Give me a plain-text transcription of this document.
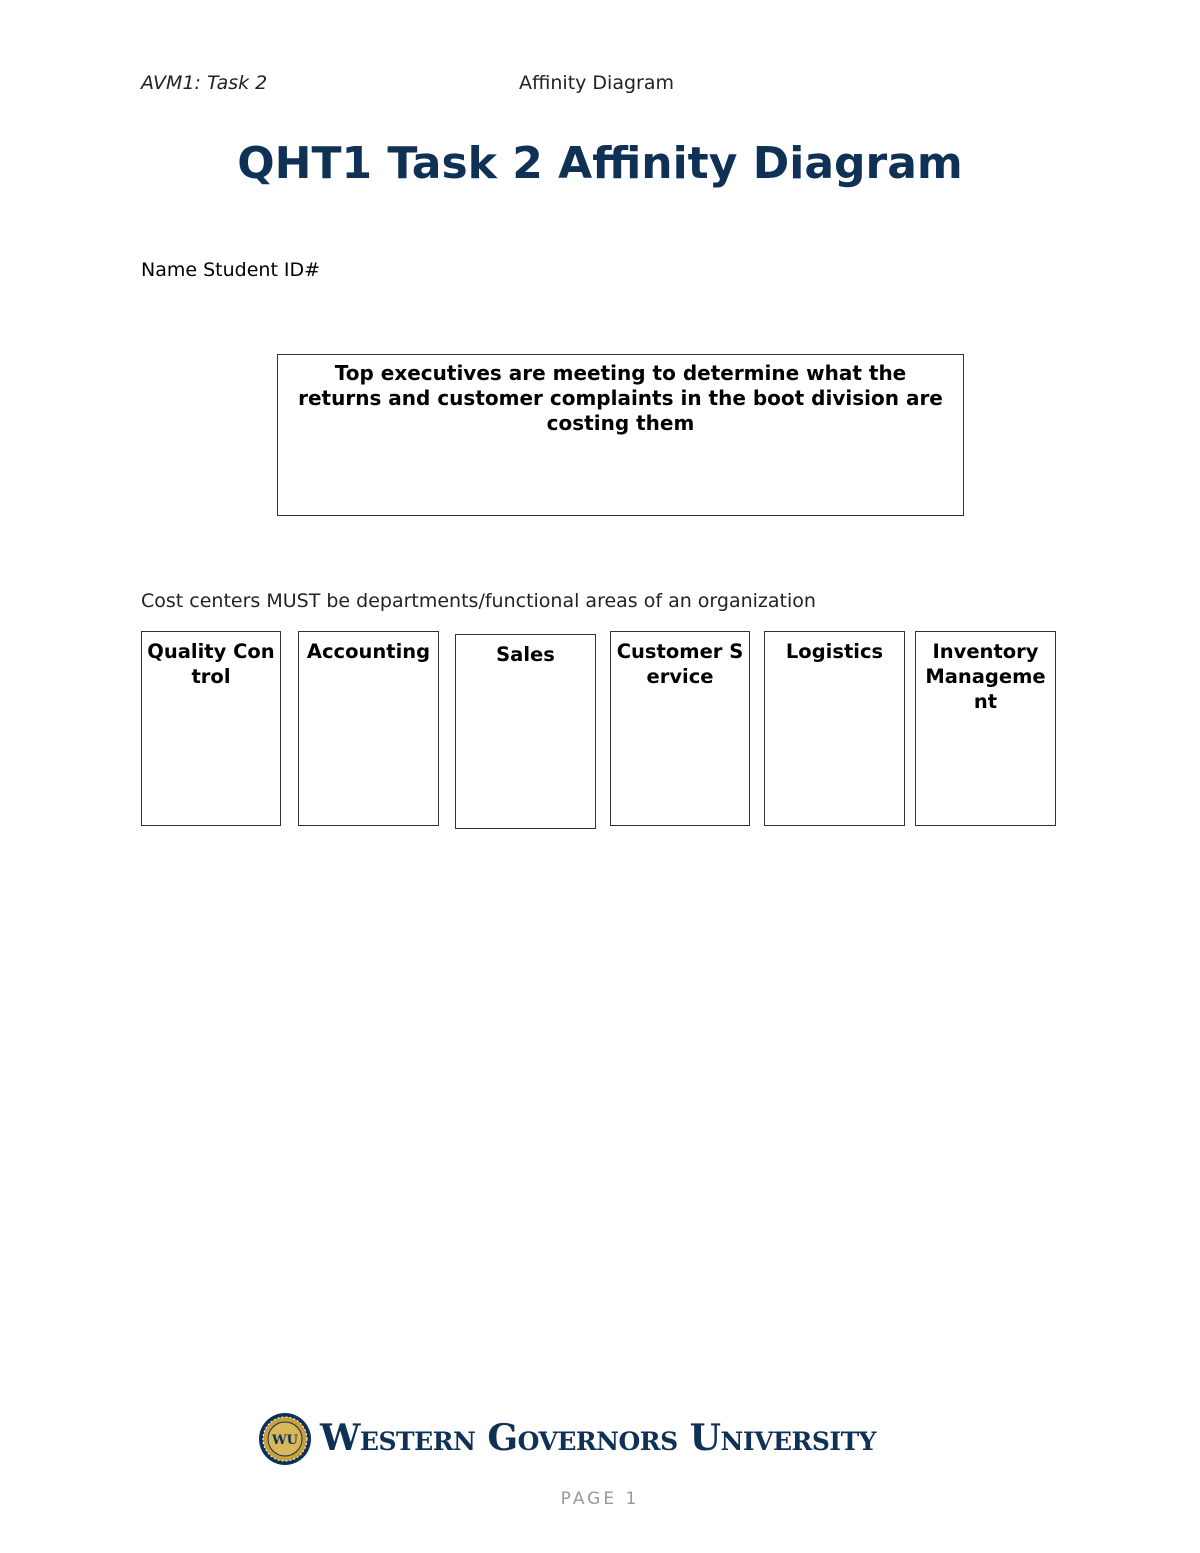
AVM1: Task 2	Affinity Diagram
QHT1 Task 2 Affinity Diagram
Name Student ID#
Top executives are meeting to determine what the returns and customer complaints in the boot division are costing them
Cost centers MUST be departments/functional areas of an organization
Quality Control
Accounting	Sales	Customer Service
Logistics	Inventory Management
WU Western Governors University
PAGE 1
